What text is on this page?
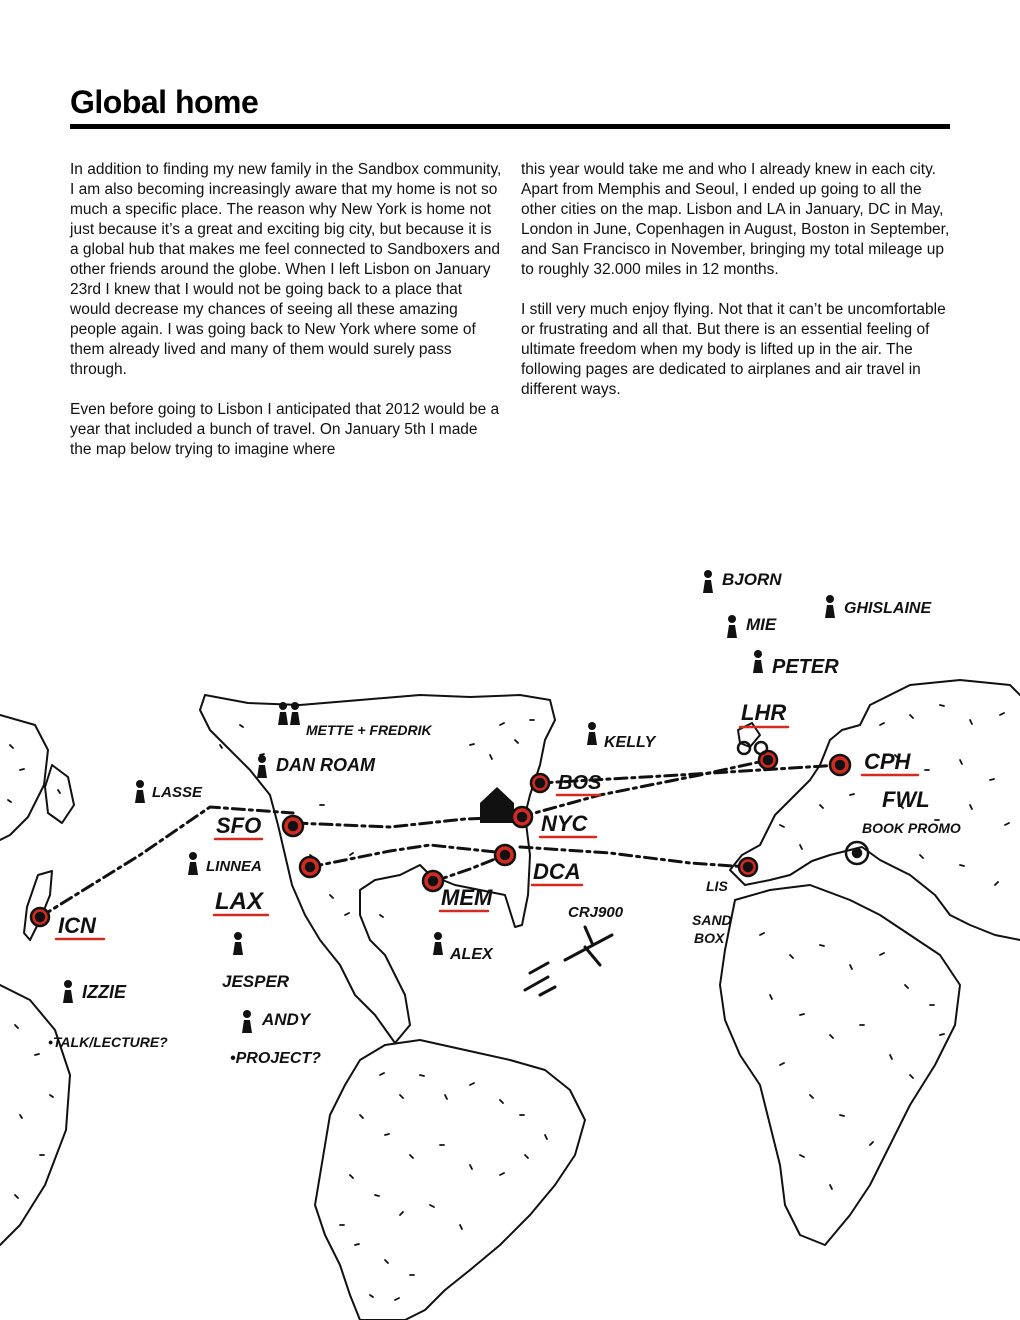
Global home

In addition to finding my new family in the Sandbox community, I am also becoming increasingly aware that my home is not so much a specific place. The reason why New York is home not just because it’s a great and exciting big city, but because it is a global hub that makes me feel connected to Sandboxers and other friends around the globe. When I left Lisbon on January 23rd I knew that I would not be going back to a place that would decrease my chances of seeing all these amazing people again. I was going back to New York where some of them already lived and many of them would surely pass through.

Even before going to Lisbon I anticipated that 2012 would be a year that included a bunch of travel. On January 5th I made the map below trying to imagine where

this year would take me and who I already knew in each city. Apart from Memphis and Seoul, I ended up going to all the other cities on the map. Lisbon and LA in January, DC in May, London in June, Copenhagen in August, Boston in September, and San Francisco in November, bringing my total mileage up to roughly 32.000 miles in 12 months.

I still very much enjoy flying. Not that it can’t be uncomfortable or frustrating and all that. But there is an essential feeling of ultimate freedom when my body is lifted up in the air. The following pages are dedicated to airplanes and air travel in different ways.

ICN
SFO
LAX	MEM
BOS
NYC
DCA
LHR
CPH
LIS
BJORN
MIE
PETER
GHISLAINE
METTE + FREDRIK
DAN ROAM
KELLY
LASSE
LINNEA
JESPER
ANDY
ALEX
IZZIE
FWL
BOOK PROMO
CRJ900	SAND
BOX
•TALK/LECTURE?
•PROJECT?
